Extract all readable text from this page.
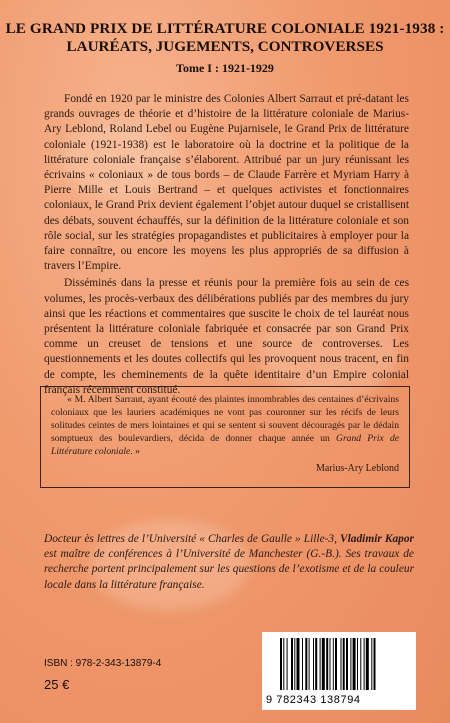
LE GRAND PRIX DE LITTÉRATURE COLONIALE 1921-1938 :
LAURÉATS, JUGEMENTS, CONTROVERSES
Tome I : 1921-1929

Fondé en 1920 par le ministre des Colonies Albert Sarraut et pré-datant les grands ouvrages de théorie et d’histoire de la littérature coloniale de Marius-Ary Leblond, Roland Lebel ou Eugène Pujarnisele, le Grand Prix de littérature coloniale (1921-1938) est le laboratoire où la doctrine et la politique de la littérature coloniale française s’élaborent. Attribué par un jury réunissant les écrivains « coloniaux » de tous bords – de Claude Farrère et Myriam Harry à Pierre Mille et Louis Bertrand – et quelques activistes et fonctionnaires coloniaux, le Grand Prix devient également l’objet autour duquel se cristallisent des débats, souvent échauffés, sur la définition de la littérature coloniale et son rôle social, sur les stratégies propagandistes et publicitaires à employer pour la faire connaître, ou encore les moyens les plus appropriés de sa diffusion à travers l’Empire.

Disséminés dans la presse et réunis pour la première fois au sein de ces volumes, les procès-verbaux des délibérations publiés par des membres du jury ainsi que les réactions et commentaires que suscite le choix de tel lauréat nous présentent la littérature coloniale fabriquée et consacrée par son Grand Prix comme un creuset de tensions et une source de controverses. Les questionnements et les doutes collectifs qui les provoquent nous tracent, en fin de compte, les cheminements de la quête identitaire d’un Empire colonial français récemment constitué.

« M. Albert Sarraut, ayant écouté des plaintes innombrables des centaines d’écrivains coloniaux que les lauriers académiques ne vont pas couronner sur les récifs de leurs solitudes ceintes de mers lointaines et qui se sentent si souvent découragés par le dédain somptueux des boulevardiers, décida de donner chaque année un Grand Prix de Littérature coloniale. »

Marius-Ary Leblond
Docteur ès lettres de l’Université « Charles de Gaulle » Lille-3, Vladimir Kapor est maître de conférences à l’Université de Manchester (G.-B.). Ses travaux de recherche portent principalement sur les questions de l’exotisme et de la couleur locale dans la littérature française.
ISBN : 978-2-343-13879-4
25 €
9 782343 138794
